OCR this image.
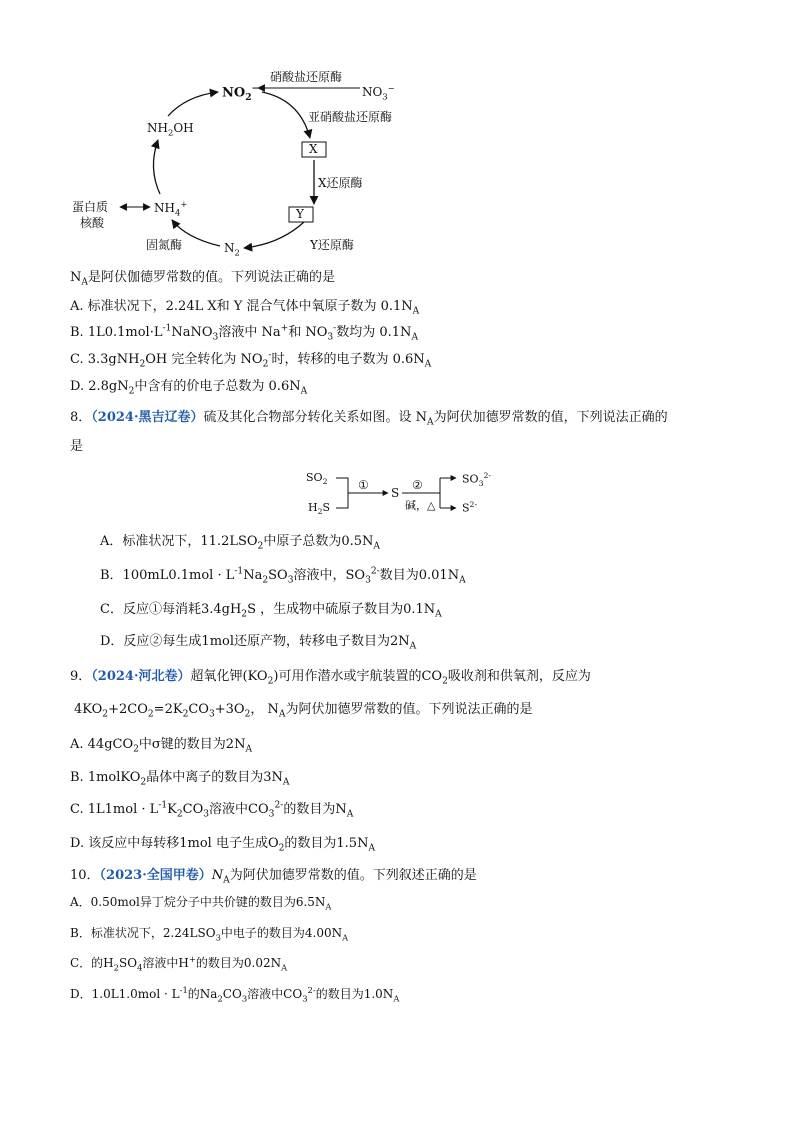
$NO_2^-$	$NO_3^-$
硝酸盐还原酶
亚硝酸盐还原酶
X
X还原酶
Y
Y还原酶
$N_2$
固氮酶
$NH_4^+$
$NH_2OH$
蛋白质
核酸
$N_A$是阿伏伽德罗常数的值。下列说法正确的是
A. 标准状况下，2.24L X和 Y 混合气体中氧原子数为 $0.1N_A$
B. $1L0.1mol\cdot L^{-1}NaNO_3$溶液中 Na+和 $NO_3^-$数均为 $0.1N_A$
C. 3.3gNH$_2$OH 完全转化为 $NO_2^-$时，转移的电子数为 $0.6N_A$
D. $2.8gN_2$中含有的价电子总数为 $0.6N_A$
8．（2024·黑吉辽卷）硫及其化合物部分转化关系如图。设 $N_A$为阿伏加德罗常数的值，下列说法正确的
是
$SO_2$
$H_2S$
①
S
②
碱，△
$SO_3^{2-}$
$S^{2-}$
A．标准状况下，$11.2LSO_2$中原子总数为$0.5N_A$
B．$100mL0.1mol \cdot L^{-1}Na_2SO_3$溶液中，$SO_3^{2-}$数目为$0.01N_A$
C．反应①每消耗$3.4gH_2S$ ，生成物中硫原子数目为$0.1N_A$
D．反应②每生成1mol还原产物，转移电子数目为$2N_A$
9．（2024·河北卷）超氧化钾$(KO_2)$可用作潜水或宇航装置的$CO_2$吸收剂和供氧剂，反应为
$4KO_2+2CO_2=2K_2CO_3+3O_2$， $N_A$为阿伏加德罗常数的值。下列说法正确的是
A. 44gCO$_2$中σ键的数目为$2N_A$
B. 1molKO$_2$晶体中离子的数目为$3N_A$
C. $1L1mol \cdot L^{-1}K_2CO_3$溶液中$CO_3^{2-}$的数目为$N_A$
D. 该反应中每转移1mol 电子生成$O_2$的数目为$1.5N_A$
10．（2023·全国甲卷）$N_A$为阿伏加德罗常数的值。下列叙述正确的是
A．0.50mol异丁烷分子中共价键的数目为$6.5N_A$
B．标准状况下，$2.24LSO_3$中电子的数目为$4.00N_A$
C．的$H_2SO_4$溶液中H+的数目为$0.02N_A$
D．$1.0L1.0mol \cdot L^{-1}$的$Na_2CO_3$溶液中$CO_3^{2-}$的数目为$1.0N_A$
